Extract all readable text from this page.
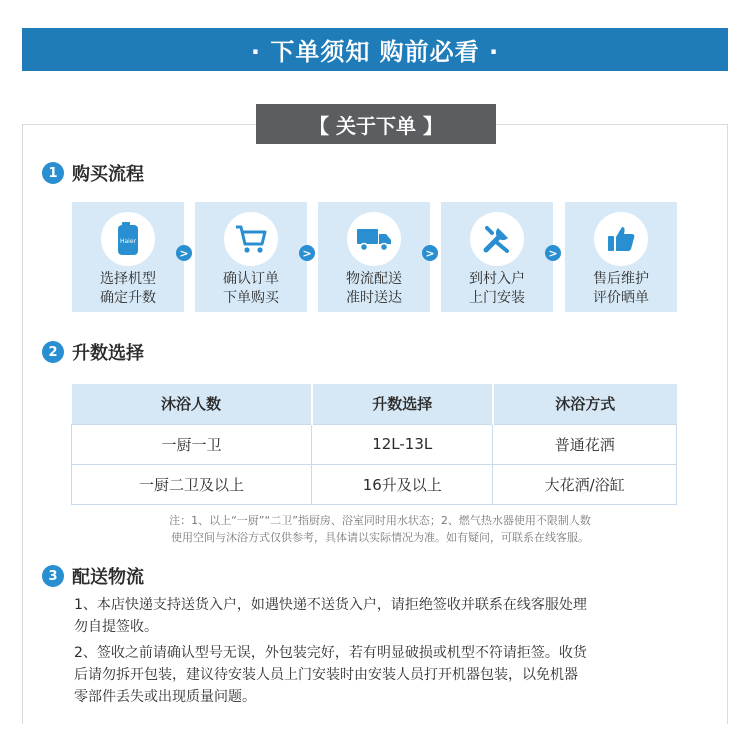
· 下单须知 购前必看 ·
【 关于下单 】
1 购买流程
Haier
选择机型
确定升数
>
确认订单
下单购买
>
物流配送
准时送达
>
到村入户
上门安装
>
售后维护
评价晒单
2 升数选择
沐浴人数	升数选择	沐浴方式
一厨一卫	12L-13L	普通花洒
一厨二卫及以上	16升及以上	大花洒/浴缸
注：1、以上“一厨”“二卫”指厨房、浴室同时用水状态；2、燃气热水器使用不限制人数
使用空间与沐浴方式仅供参考，具体请以实际情况为准。如有疑问，可联系在线客服。
3 配送物流
1、本店快递支持送货入户，如遇快递不送货入户，请拒绝签收并联系在线客服处理
勿自提签收。
2、签收之前请确认型号无误，外包装完好，若有明显破损或机型不符请拒签。收货
后请勿拆开包装，建议待安装人员上门安装时由安装人员打开机器包装，以免机器
零部件丢失或出现质量问题。
